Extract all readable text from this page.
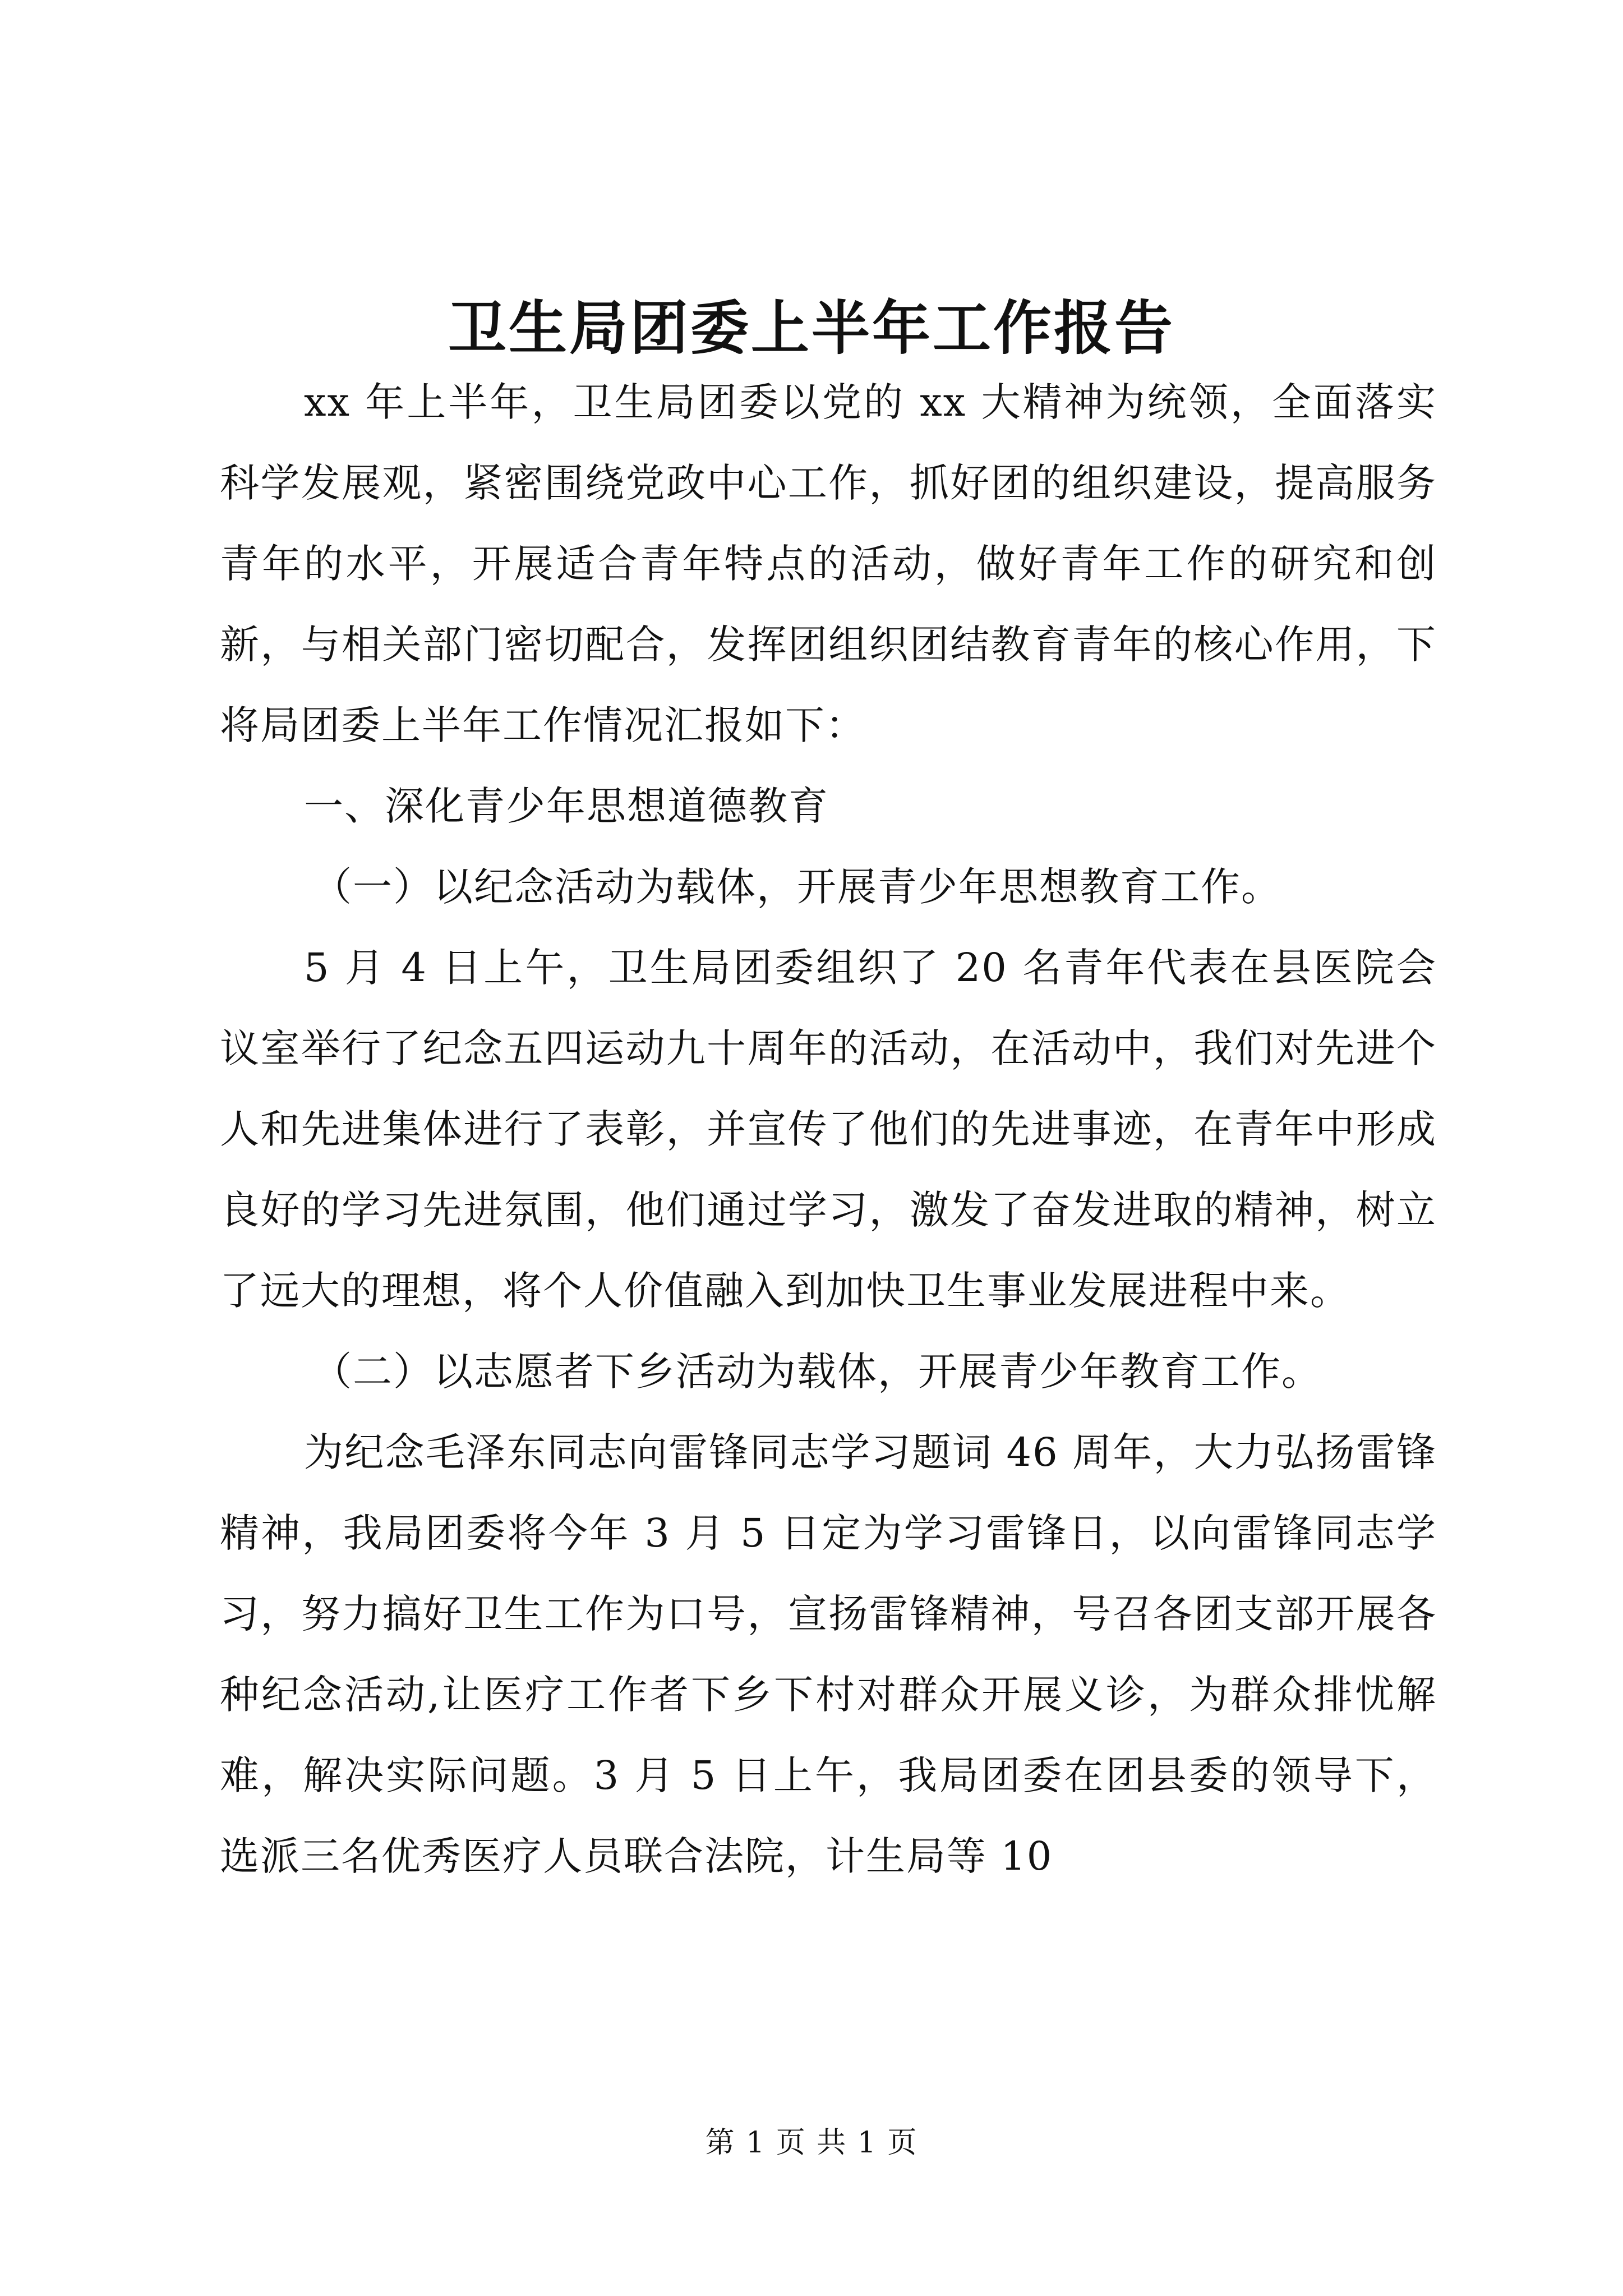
卫生局团委上半年工作报告

xx 年上半年，卫生局团委以党的 xx 大精神为统领，全面落实科学发展观，紧密围绕党政中心工作，抓好团的组织建设，提高服务青年的水平，开展适合青年特点的活动，做好青年工作的研究和创新，与相关部门密切配合，发挥团组织团结教育青年的核心作用，下将局团委上半年工作情况汇报如下：

一、深化青少年思想道德教育

（一）以纪念活动为载体，开展青少年思想教育工作。

5 月 4 日上午，卫生局团委组织了 20 名青年代表在县医院会议室举行了纪念五四运动九十周年的活动，在活动中，我们对先进个人和先进集体进行了表彰，并宣传了他们的先进事迹，在青年中形成良好的学习先进氛围，他们通过学习，激发了奋发进取的精神，树立了远大的理想，将个人价值融入到加快卫生事业发展进程中来。

（二）以志愿者下乡活动为载体，开展青少年教育工作。

为纪念毛泽东同志向雷锋同志学习题词 46 周年，大力弘扬雷锋精神，我局团委将今年 3 月 5 日定为学习雷锋日，以向雷锋同志学习，努力搞好卫生工作为口号，宣扬雷锋精神，号召各团支部开展各种纪念活动,让医疗工作者下乡下村对群众开展义诊，为群众排忧解难，解决实际问题。3 月 5 日上午，我局团委在团县委的领导下，选派三名优秀医疗人员联合法院，计生局等 10

第 1 页 共 1 页
